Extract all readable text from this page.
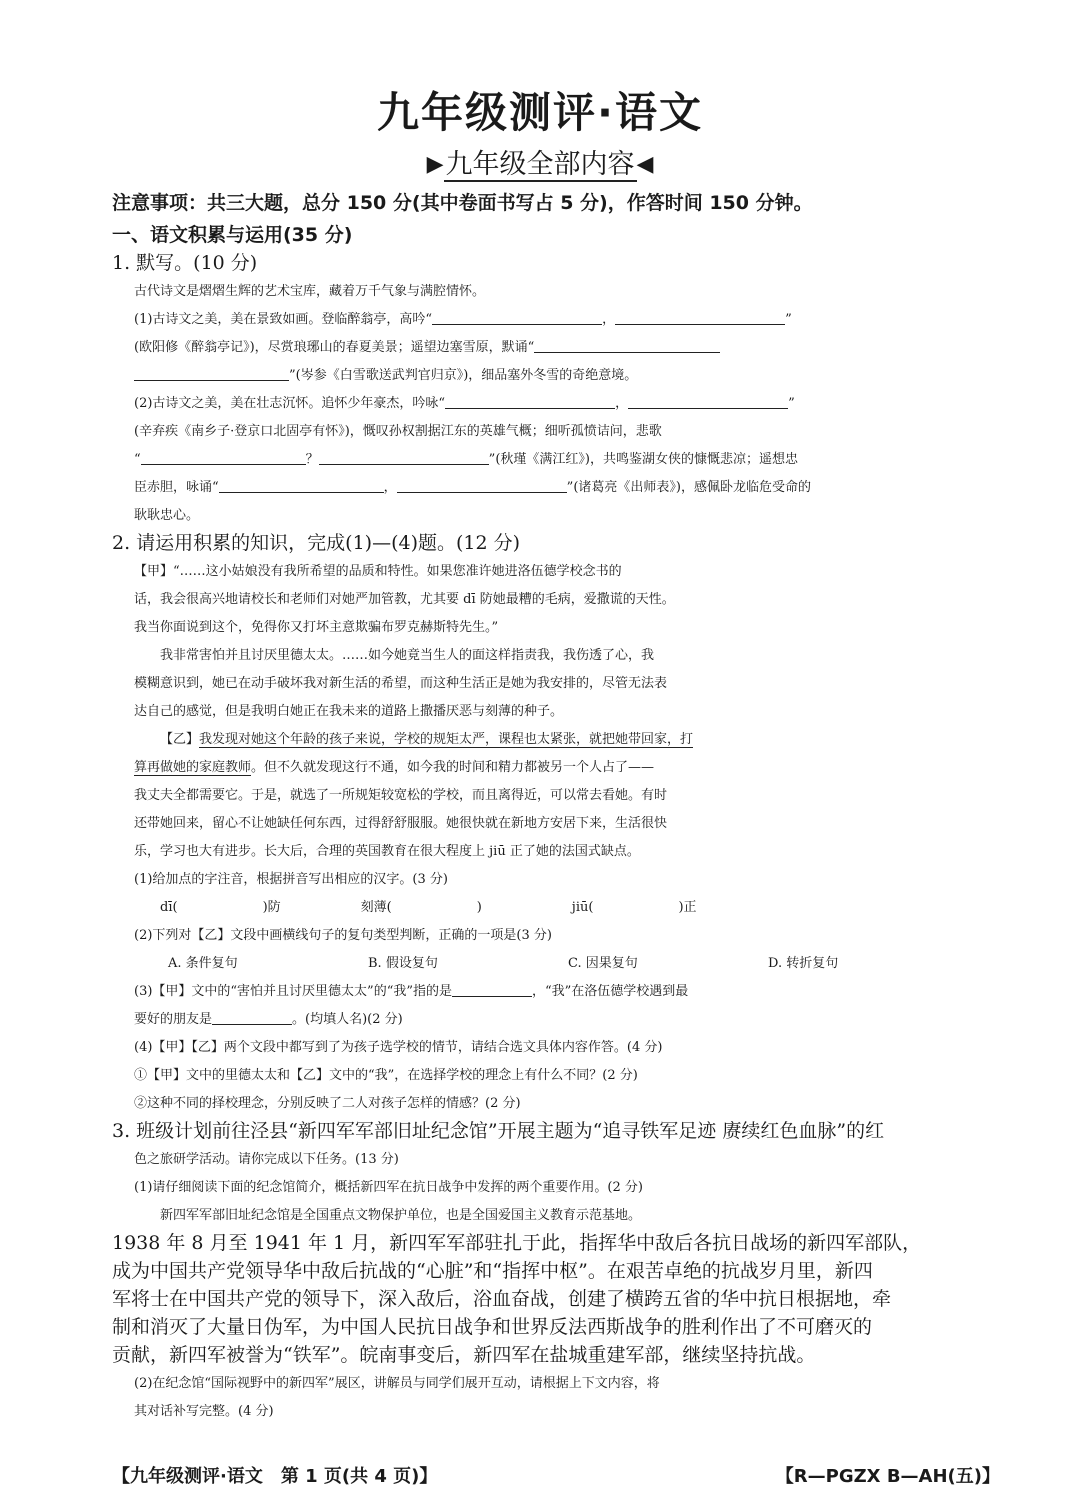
九年级测评·语文
▶九年级全部内容◀
注意事项：共三大题，总分 150 分(其中卷面书写占 5 分)，作答时间 150 分钟。
一、语文积累与运用(35 分)
1. 默写。(10 分)
古代诗文是熠熠生辉的艺术宝库，藏着万千气象与满腔情怀。
(1)古诗文之美，美在景致如画。登临醉翁亭，高吟“	，	”
(欧阳修《醉翁亭记》)，尽赏琅琊山的春夏美景；遥望边塞雪原，默诵“
”(岑参《白雪歌送武判官归京》)，细品塞外冬雪的奇绝意境。
(2)古诗文之美，美在壮志沉怀。追怀少年豪杰，吟咏“	，	”
(辛弃疾《南乡子·登京口北固亭有怀》)，慨叹孙权割据江东的英雄气概；细听孤愤诘问，悲歌
“	？	”(秋瑾《满江红》)，共鸣鉴湖女侠的慷慨悲凉；遥想忠
臣赤胆，咏诵“	，	”(诸葛亮《出师表》)，感佩卧龙临危受命的
耿耿忠心。
2. 请运用积累的知识，完成(1)—(4)题。(12 分)
【甲】“……这小姑娘没有我所希望的品质和特性。如果您准许她进洛伍德学校念书的
话，我会很高兴地请校长和老师们对她严加管教，尤其要 dī 防她最糟的毛病，爱撒谎的天性。
我当你面说到这个，免得你又打坏主意欺骗布罗克赫斯特先生。”
我非常害怕并且讨厌里德太太。……如今她竟当生人的面这样指责我，我伤透了心，我
模糊意识到，她已在动手破坏我对新生活的希望，而这种生活正是她为我安排的，尽管无法表
达自己的感觉，但是我明白她正在我未来的道路上撒播厌恶与刻薄的种子。
【乙】我发现对她这个年龄的孩子来说，学校的规矩太严，课程也太紧张，就把她带回家，打
算再做她的家庭教师。但不久就发现这行不通，如今我的时间和精力都被另一个人占了——
我丈夫全都需要它。于是，就选了一所规矩较宽松的学校，而且离得近，可以常去看她。有时
还带她回来，留心不让她缺任何东西，过得舒舒服服。她很快就在新地方安居下来，生活很快
乐，学习也大有进步。长大后，合理的英国教育在很大程度上 jiū 正了她的法国式缺点。
(1)给加点的字注音，根据拼音写出相应的汉字。(3 分)
dī(	)防	刻薄(	)	jiū(	)正
(2)下列对【乙】文段中画横线句子的复句类型判断，正确的一项是(3 分)
A. 条件复句	B. 假设复句	C. 因果复句	D. 转折复句
(3)【甲】文中的“害怕并且讨厌里德太太”的“我”指的是	，“我”在洛伍德学校遇到最
要好的朋友是	。(均填人名)(2 分)
(4)【甲】【乙】两个文段中都写到了为孩子选学校的情节，请结合选文具体内容作答。(4 分)
①【甲】文中的里德太太和【乙】文中的“我”，在选择学校的理念上有什么不同？(2 分)
②这种不同的择校理念，分别反映了二人对孩子怎样的情感？(2 分)
3. 班级计划前往泾县“新四军军部旧址纪念馆”开展主题为“追寻铁军足迹 赓续红色血脉”的红
色之旅研学活动。请你完成以下任务。(13 分)
(1)请仔细阅读下面的纪念馆简介，概括新四军在抗日战争中发挥的两个重要作用。(2 分)
新四军军部旧址纪念馆是全国重点文物保护单位，也是全国爱国主义教育示范基地。
1938 年 8 月至 1941 年 1 月，新四军军部驻扎于此，指挥华中敌后各抗日战场的新四军部队，
成为中国共产党领导华中敌后抗战的“心脏”和“指挥中枢”。在艰苦卓绝的抗战岁月里，新四
军将士在中国共产党的领导下，深入敌后，浴血奋战，创建了横跨五省的华中抗日根据地，牵
制和消灭了大量日伪军，为中国人民抗日战争和世界反法西斯战争的胜利作出了不可磨灭的
贡献，新四军被誉为“铁军”。皖南事变后，新四军在盐城重建军部，继续坚持抗战。
(2)在纪念馆“国际视野中的新四军”展区，讲解员与同学们展开互动，请根据上下文内容，将
其对话补写完整。(4 分)
【九年级测评·语文　第 1 页(共 4 页)】	【R—PGZX B—AH(五)】
